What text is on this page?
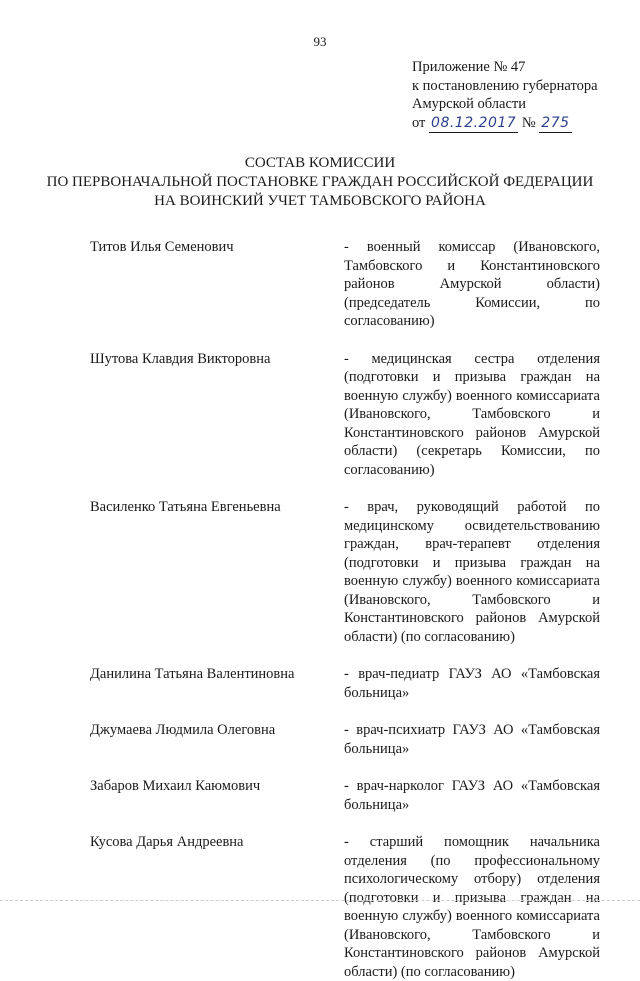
93
Приложение № 47
к постановлению губернатора
Амурской области
от 08.12.2017 № 275
СОСТАВ КОМИССИИ
ПО ПЕРВОНАЧАЛЬНОЙ ПОСТАНОВКЕ ГРАЖДАН РОССИЙСКОЙ ФЕДЕРАЦИИ
НА ВОИНСКИЙ УЧЕТ ТАМБОВСКОГО РАЙОНА
Титов Илья Семенович	- военный комиссар (Ивановского, Тамбовского и Константиновского районов Амурской области) (председатель Комиссии, по согласованию)
Шутова Клавдия Викторовна	- медицинская сестра отделения (подготовки и призыва граждан на военную службу) военного комиссариата (Ивановского, Тамбовского и Константиновского районов Амурской области) (секретарь Комиссии, по согласованию)
Василенко Татьяна Евгеньевна	- врач, руководящий работой по медицинскому освидетельствованию граждан, врач-терапевт отделения (подготовки и призыва граждан на военную службу) военного комиссариата (Ивановского, Тамбовского и Константиновского районов Амурской области) (по согласованию)
Данилина Татьяна Валентиновна	- врач-педиатр ГАУЗ АО «Тамбовская больница»
Джумаева Людмила Олеговна	- врач-психиатр ГАУЗ АО «Тамбовская больница»
Забаров Михаил Каюмович	- врач-нарколог ГАУЗ АО «Тамбовская больница»
Кусова Дарья Андреевна	- старший помощник начальника отделения (по профессиональному психологическому отбору) отделения (подготовки и призыва граждан на военную службу) военного комиссариата (Ивановского, Тамбовского и Константиновского районов Амурской области) (по согласованию)
